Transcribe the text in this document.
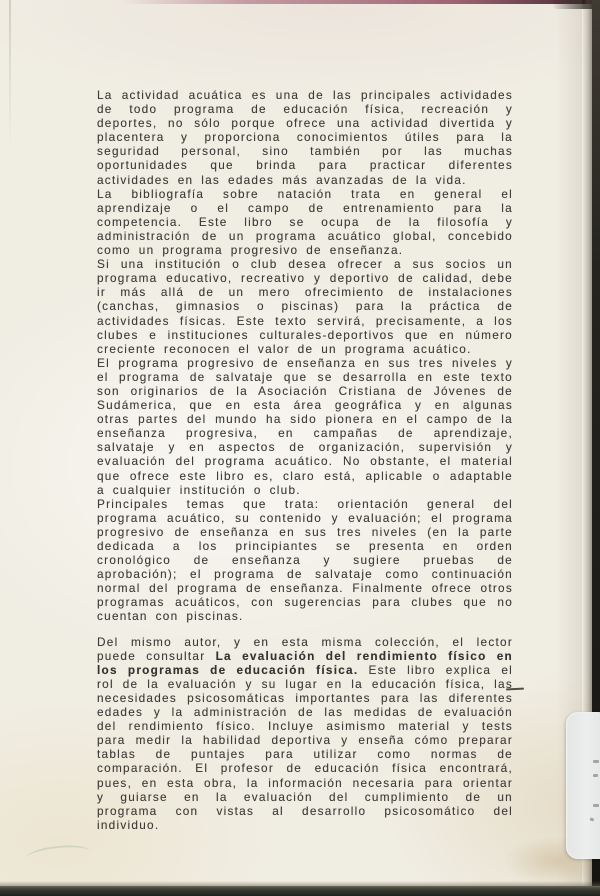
La actividad acuática es una de las principales actividades de todo programa de educación física, recreación y deportes, no sólo porque ofrece una actividad divertida y placentera y proporciona conocimientos útiles para la seguridad personal, sino también por las muchas oportunidades que brinda para practicar diferentes actividades en las edades más avanzadas de la vida.

La bibliografía sobre natación trata en general el aprendizaje o el campo de entrenamiento para la competencia. Este libro se ocupa de la filosofía y administración de un programa acuático global, concebido como un programa progresivo de enseñanza.

Si una institución o club desea ofrecer a sus socios un programa educativo, recreativo y deportivo de calidad, debe ir más allá de un mero ofrecimiento de instalaciones (canchas, gimnasios o piscinas) para la práctica de actividades físicas. Este texto servirá, precisamente, a los clubes e instituciones culturales-deportivos que en número creciente reconocen el valor de un programa acuático.

El programa progresivo de enseñanza en sus tres niveles y el programa de salvataje que se desarrolla en este texto son originarios de la Asociación Cristiana de Jóvenes de Sudámerica, que en esta área geográfica y en algunas otras partes del mundo ha sido pionera en el campo de la enseñanza progresiva, en campañas de aprendizaje, salvataje y en aspectos de organización, supervisión y evaluación del programa acuático. No obstante, el material que ofrece este libro es, claro está, aplicable o adaptable a cualquier institución o club.

Principales temas que trata: orientación general del programa acuático, su contenido y evaluación; el programa progresivo de enseñanza en sus tres niveles (en la parte dedicada a los principiantes se presenta en orden cronológico de enseñanza y sugiere pruebas de aprobación); el programa de salvataje como continuación normal del programa de enseñanza. Finalmente ofrece otros programas acuáticos, con sugerencias para clubes que no cuentan con piscinas.

Del mismo autor, y en esta misma colección, el lector puede consultar La evaluación del rendimiento físico en los programas de educación física. Este libro explica el rol de la evaluación y su lugar en la educación física, las necesidades psicosomáticas importantes para las diferentes edades y la administración de las medidas de evaluación del rendimiento físico. Incluye asimismo material y tests para medir la habilidad deportiva y enseña cómo preparar tablas de puntajes para utilizar como normas de comparación. El profesor de educación física encontrará, pues, en esta obra, la información necesaria para orientar y guiarse en la evaluación del cumplimiento de un programa con vistas al desarrollo psicosomático del individuo.
